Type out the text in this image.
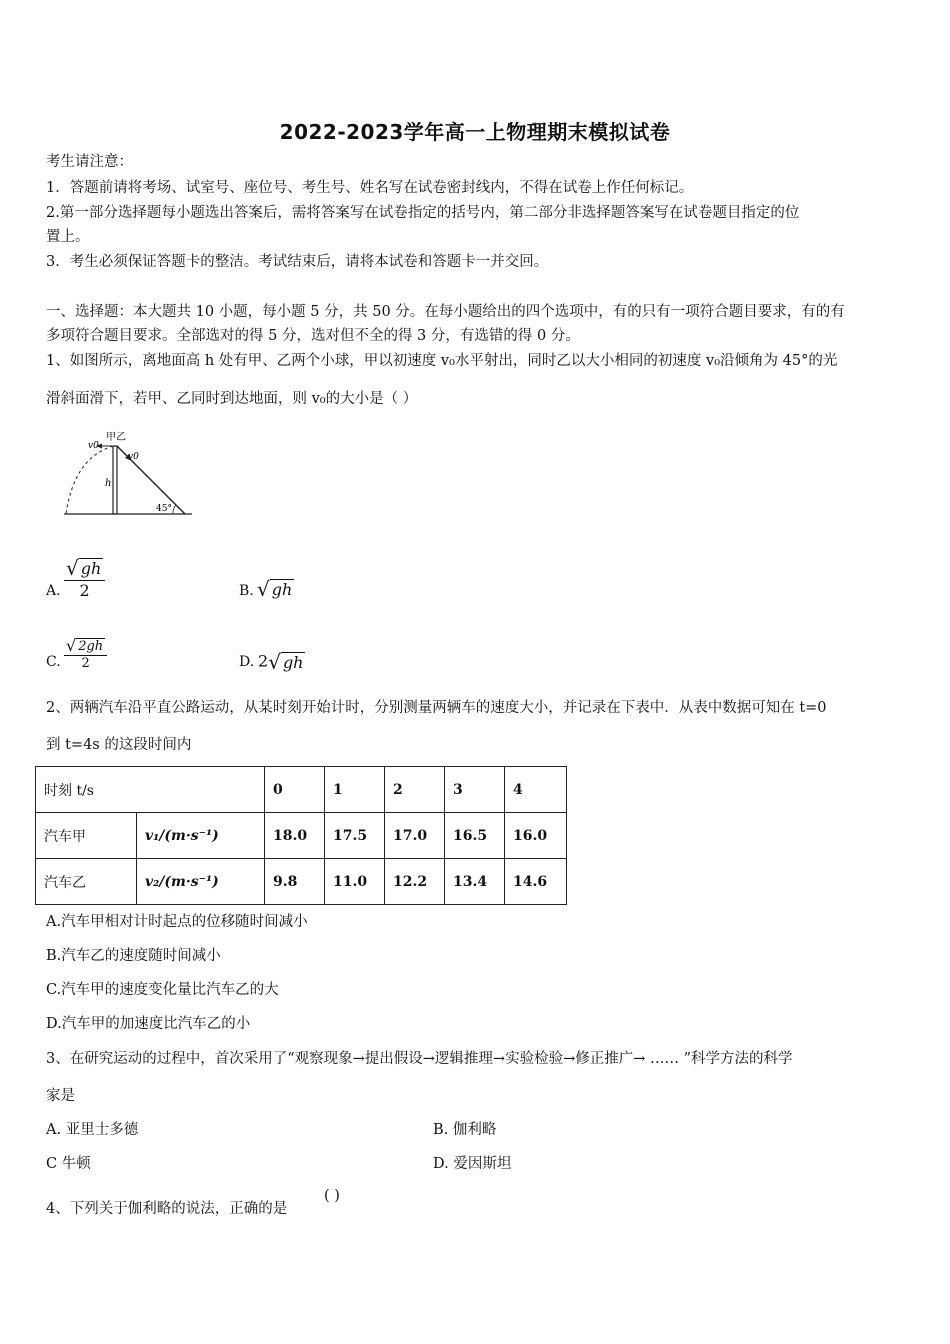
2022-2023学年高一上物理期末模拟试卷
考生请注意：
1．答题前请将考场、试室号、座位号、考生号、姓名写在试卷密封线内，不得在试卷上作任何标记。
2.第一部分选择题每小题选出答案后，需将答案写在试卷指定的括号内，第二部分非选择题答案写在试卷题目指定的位
置上。
3．考生必须保证答题卡的整洁。考试结束后，请将本试卷和答题卡一并交回。
一、选择题：本大题共 10 小题，每小题 5 分，共 50 分。在每小题给出的四个选项中，有的只有一项符合题目要求，有的有
多项符合题目要求。全部选对的得 5 分，选对但不全的得 3 分，有选错的得 0 分。
1、如图所示，离地面高 h 处有甲、乙两个小球，甲以初速度 v₀水平射出，同时乙以大小相同的初速度 v₀沿倾角为 45°的光
滑斜面滑下，若甲、乙同时到达地面，则 v₀的大小是（ ）
甲乙
v0
v0
h
45°
A. $\frac{√ gh}{2}$	B. √ gh
C. $\frac{√ 2gh}{2}$	D. 2√ gh
2、两辆汽车沿平直公路运动，从某时刻开始计时，分别测量两辆车的速度大小，并记录在下表中．从表中数据可知在 t=0
到 t=4s 的这段时间内
时刻 t/s		0	1	2	3	4
汽车甲	v₁/(m·s⁻¹)	18.0	17.5	17.0	16.5	16.0
汽车乙	v₂/(m·s⁻¹)	9.8	11.0	12.2	13.4	14.6
A.汽车甲相对计时起点的位移随时间减小
B.汽车乙的速度随时间减小
C.汽车甲的速度变化量比汽车乙的大
D.汽车甲的加速度比汽车乙的小
3、在研究运动的过程中，首次采用了“观察现象→提出假设→逻辑推理→实验检验→修正推广→ …… ”科学方法的科学
家是
A. 亚里士多德	B. 伽利略
C 牛顿	D. 爱因斯坦
4、下列关于伽利略的说法，正确的是
( )
